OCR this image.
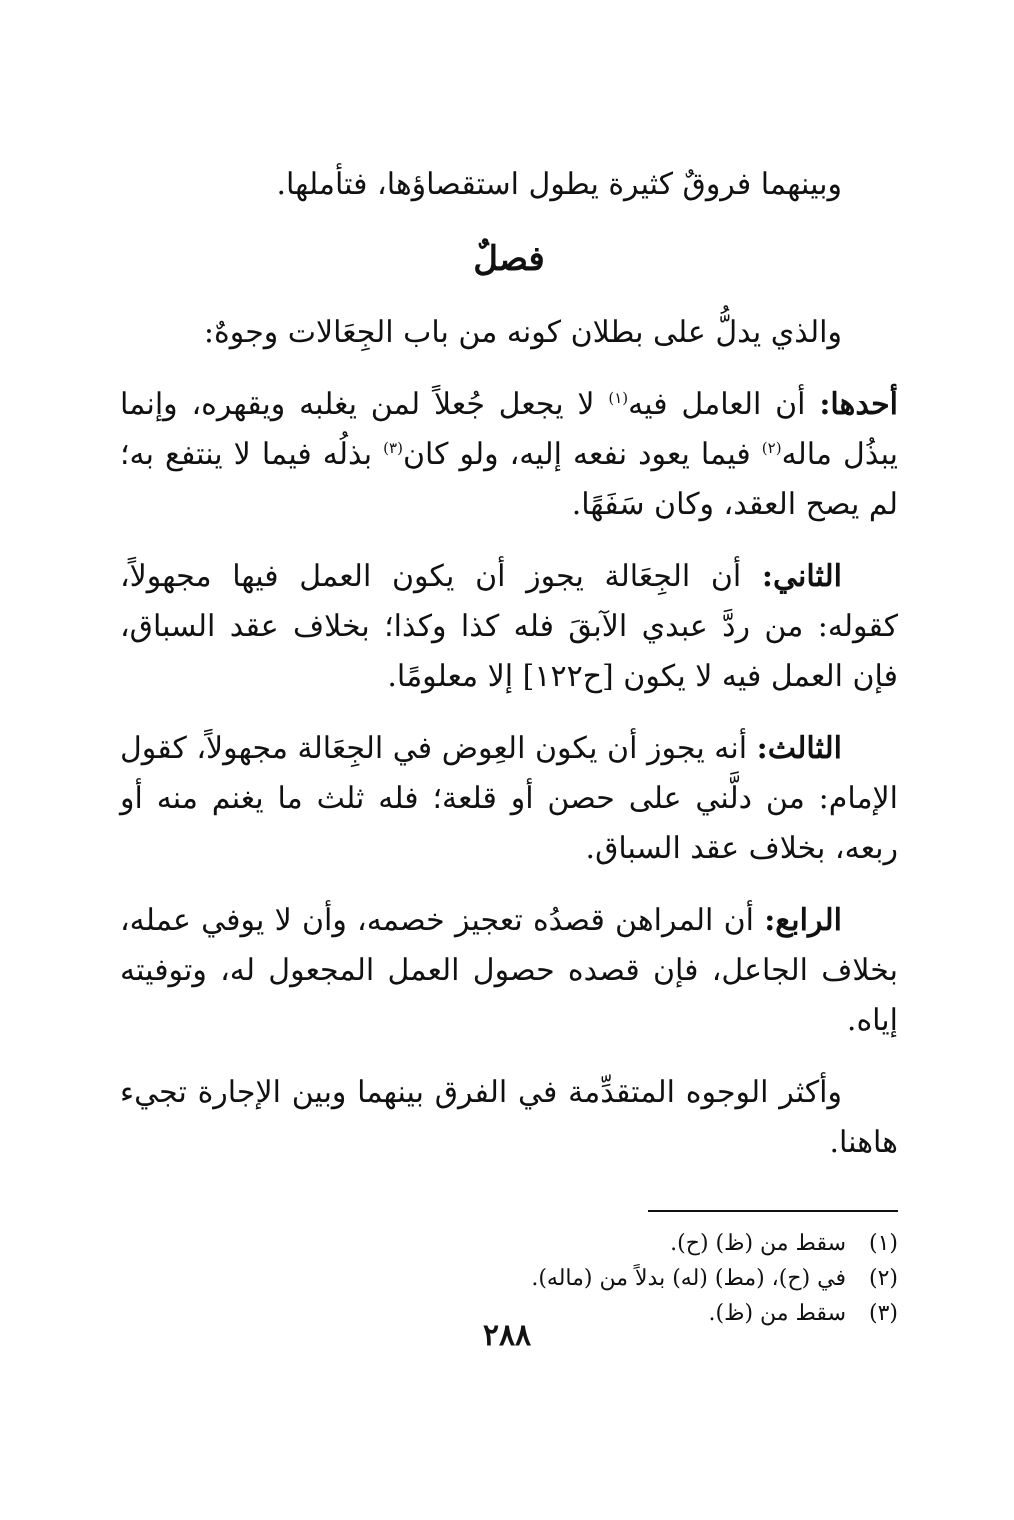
وبينهما فروقٌ كثيرة يطول استقصاؤها، فتأملها.

فصلٌ

والذي يدلُّ على بطلان كونه من باب الجِعَالات وجوهٌ:

أحدها: أن العامل فيه$^{(١)}$ لا يجعل جُعلاً لمن يغلبه ويقهره، وإنما يبذُل ماله$^{(٢)}$ فيما يعود نفعه إليه، ولو كان$^{(٣)}$ بذلُه فيما لا ينتفع به؛ لم يصح العقد، وكان سَفَهًا.

الثاني: أن الجِعَالة يجوز أن يكون العمل فيها مجهولاً، كقوله: من ردَّ عبدي الآبقَ فله كذا وكذا؛ بخلاف عقد السباق، فإن العمل فيه لا يكون [ح١٢٢] إلا معلومًا.

الثالث: أنه يجوز أن يكون العِوض في الجِعَالة مجهولاً، كقول الإمام: من دلَّني على حصن أو قلعة؛ فله ثلث ما يغنم منه أو ربعه، بخلاف عقد السباق.

الرابع: أن المراهن قصدُه تعجيز خصمه، وأن لا يوفي عمله، بخلاف الجاعل، فإن قصده حصول العمل المجعول له، وتوفيته إياه.

وأكثر الوجوه المتقدِّمة في الفرق بينهما وبين الإجارة تجيء هاهنا.

(١)
سقط من (ظ) (ح).

(٢)
في (ح)، (مط) (له) بدلاً من (ماله).

(٣)
سقط من (ظ).

٢٨٨
